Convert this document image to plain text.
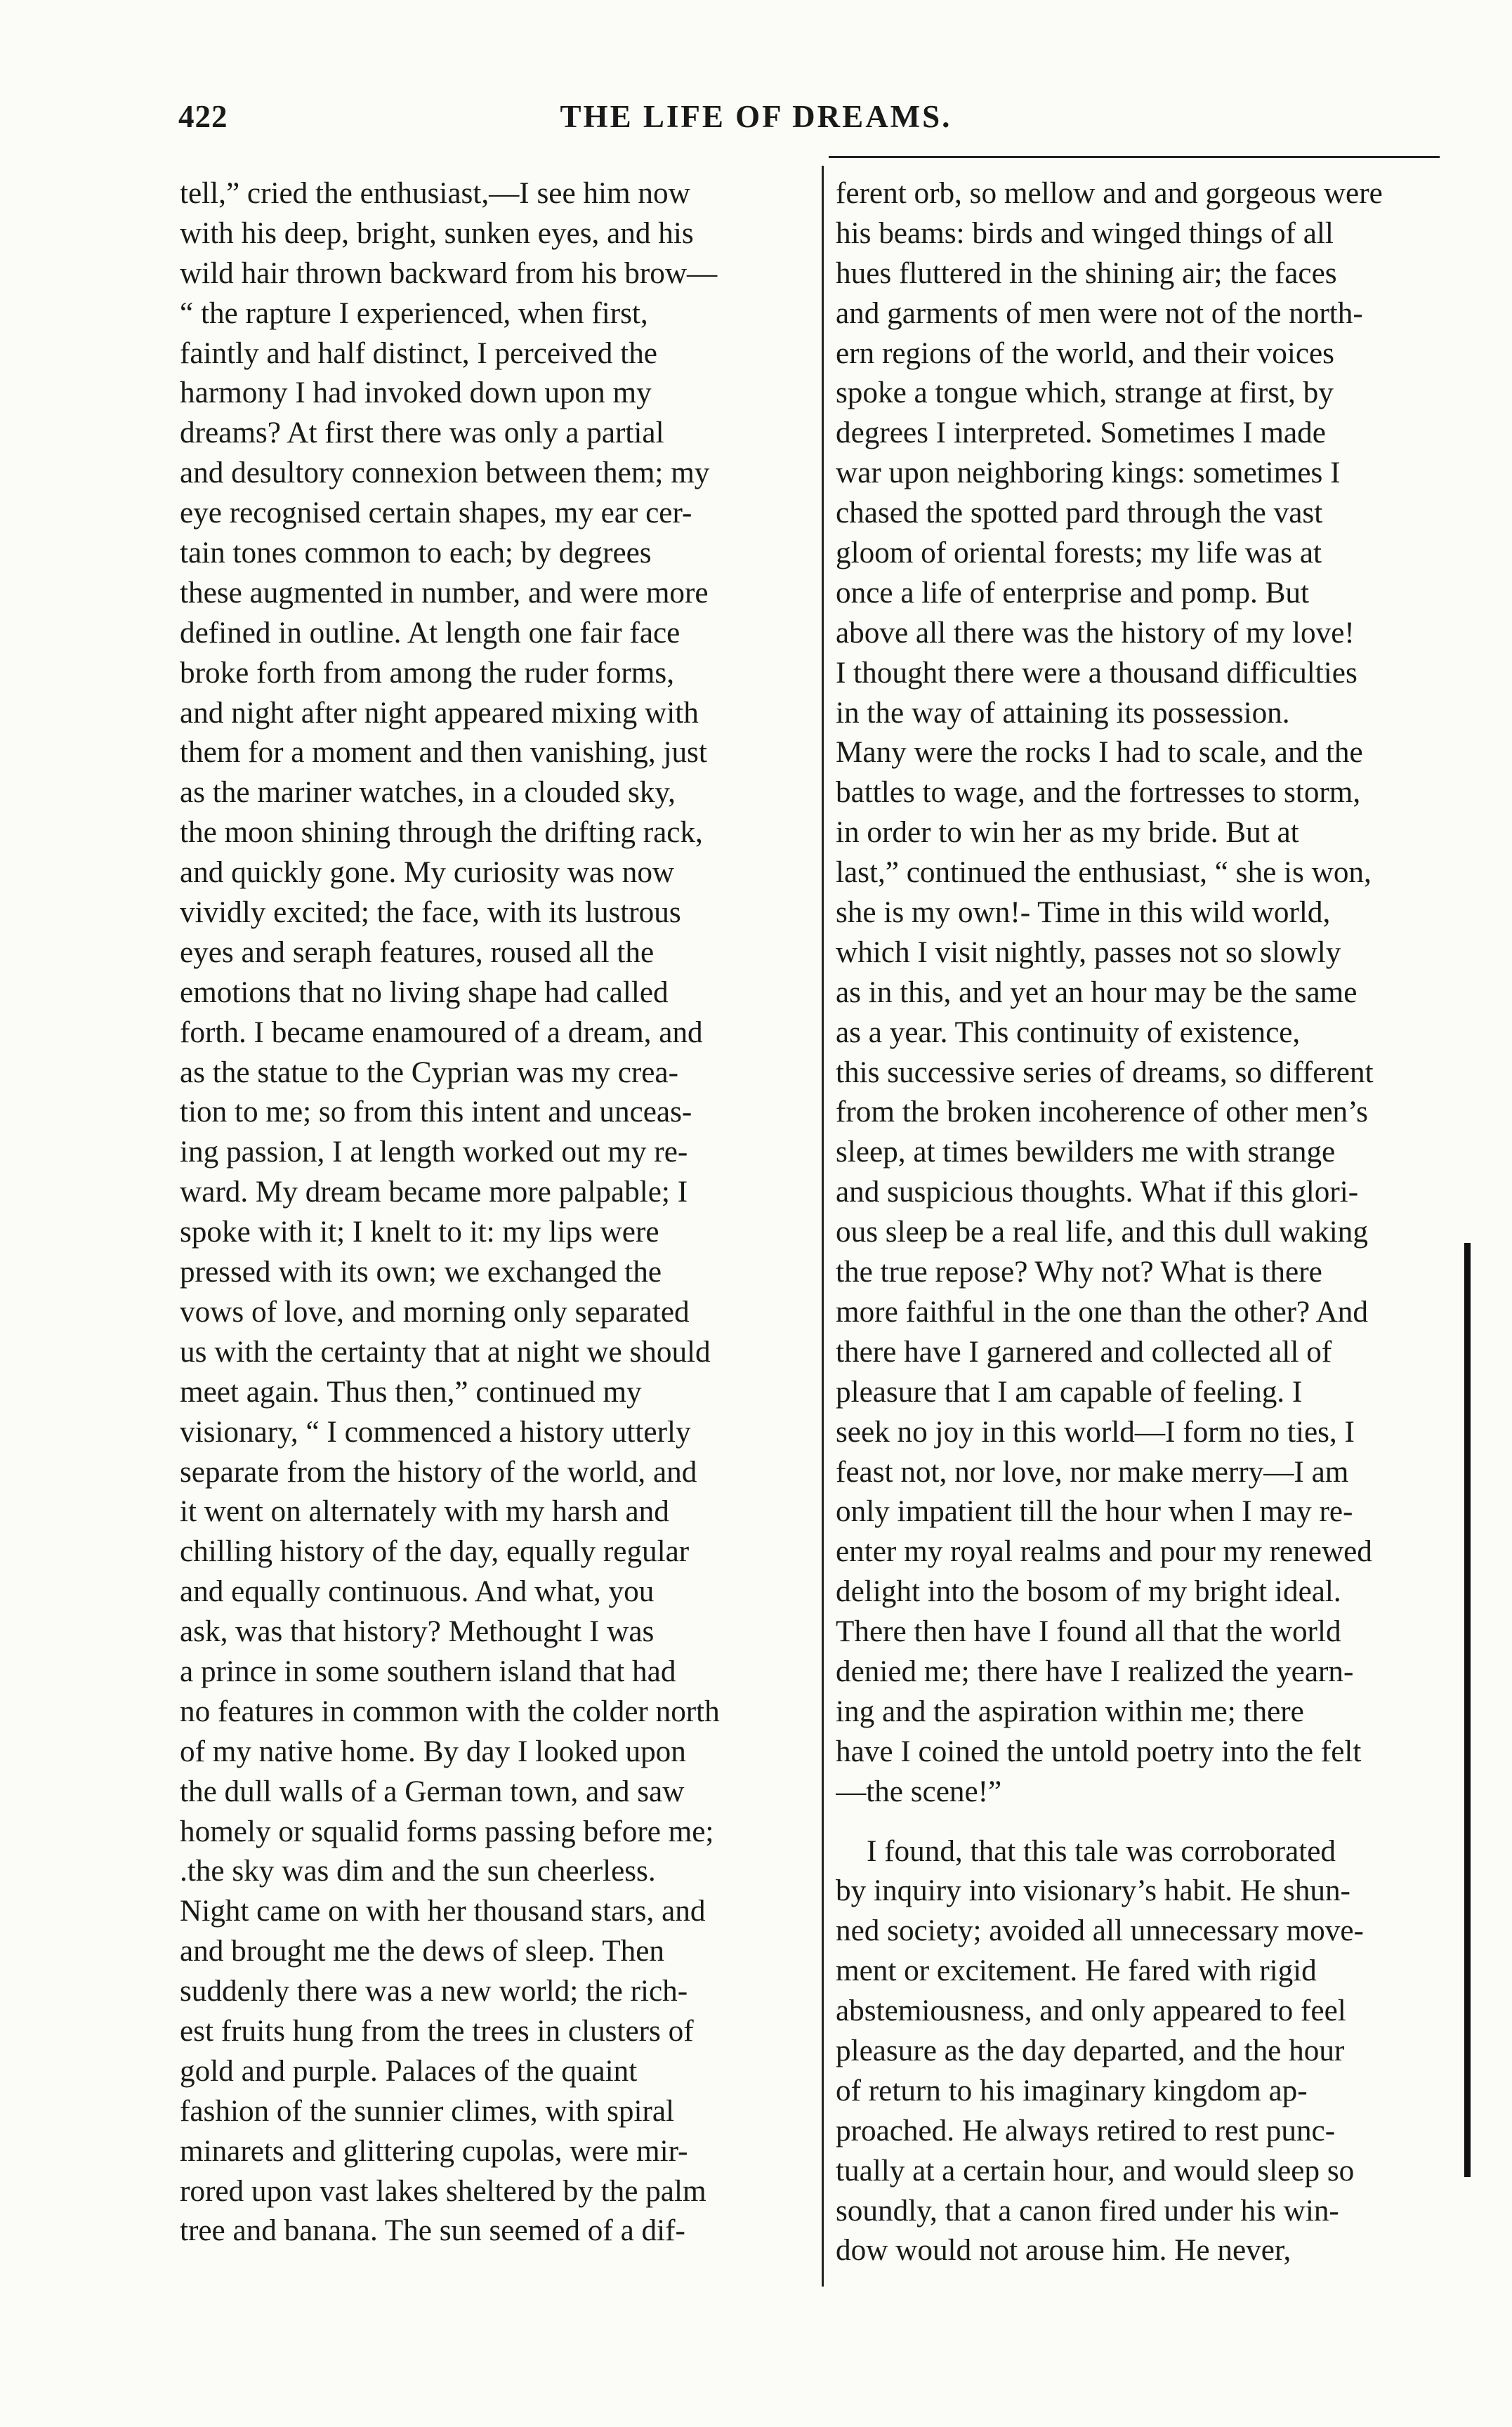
422	THE LIFE OF DREAMS.
tell,” cried the enthusiast,—I see him now
with his deep, bright, sunken eyes, and his
wild hair thrown backward from his brow—
“ the rapture I experienced, when first,
faintly and half distinct, I perceived the
harmony I had invoked down upon my
dreams? At first there was only a partial
and desultory connexion between them; my
eye recognised certain shapes, my ear cer-
tain tones common to each; by degrees
these augmented in number, and were more
defined in outline. At length one fair face
broke forth from among the ruder forms,
and night after night appeared mixing with
them for a moment and then vanishing, just
as the mariner watches, in a clouded sky,
the moon shining through the drifting rack,
and quickly gone. My curiosity was now
vividly excited; the face, with its lustrous
eyes and seraph features, roused all the
emotions that no living shape had called
forth. I became enamoured of a dream, and
as the statue to the Cyprian was my crea-
tion to me; so from this intent and unceas-
ing passion, I at length worked out my re-
ward. My dream became more palpable; I
spoke with it; I knelt to it: my lips were
pressed with its own; we exchanged the
vows of love, and morning only separated
us with the certainty that at night we should
meet again. Thus then,” continued my
visionary, “ I commenced a history utterly
separate from the history of the world, and
it went on alternately with my harsh and
chilling history of the day, equally regular
and equally continuous. And what, you
ask, was that history? Methought I was
a prince in some southern island that had
no features in common with the colder north
of my native home. By day I looked upon
the dull walls of a German town, and saw
homely or squalid forms passing before me;
.the sky was dim and the sun cheerless.
Night came on with her thousand stars, and
and brought me the dews of sleep. Then
suddenly there was a new world; the rich-
est fruits hung from the trees in clusters of
gold and purple. Palaces of the quaint
fashion of the sunnier climes, with spiral
minarets and glittering cupolas, were mir-
rored upon vast lakes sheltered by the palm
tree and banana. The sun seemed of a dif-
ferent orb, so mellow and and gorgeous were
his beams: birds and winged things of all
hues fluttered in the shining air; the faces
and garments of men were not of the north-
ern regions of the world, and their voices
spoke a tongue which, strange at first, by
degrees I interpreted. Sometimes I made
war upon neighboring kings: sometimes I
chased the spotted pard through the vast
gloom of oriental forests; my life was at
once a life of enterprise and pomp. But
above all there was the history of my love!
I thought there were a thousand difficulties
in the way of attaining its possession.
Many were the rocks I had to scale, and the
battles to wage, and the fortresses to storm,
in order to win her as my bride. But at
last,” continued the enthusiast, “ she is won,
she is my own!- Time in this wild world,
which I visit nightly, passes not so slowly
as in this, and yet an hour may be the same
as a year. This continuity of existence,
this successive series of dreams, so different
from the broken incoherence of other men’s
sleep, at times bewilders me with strange
and suspicious thoughts. What if this glori-
ous sleep be a real life, and this dull waking
the true repose? Why not? What is there
more faithful in the one than the other? And
there have I garnered and collected all of
pleasure that I am capable of feeling. I
seek no joy in this world—I form no ties, I
feast not, nor love, nor make merry—I am
only impatient till the hour when I may re-
enter my royal realms and pour my renewed
delight into the bosom of my bright ideal.
There then have I found all that the world
denied me; there have I realized the yearn-
ing and the aspiration within me; there
have I coined the untold poetry into the felt
—the scene!”
I found, that this tale was corroborated
by inquiry into visionary’s habit. He shun-
ned society; avoided all unnecessary move-
ment or excitement. He fared with rigid
abstemiousness, and only appeared to feel
pleasure as the day departed, and the hour
of return to his imaginary kingdom ap-
proached. He always retired to rest punc-
tually at a certain hour, and would sleep so
soundly, that a canon fired under his win-
dow would not arouse him. He never,
